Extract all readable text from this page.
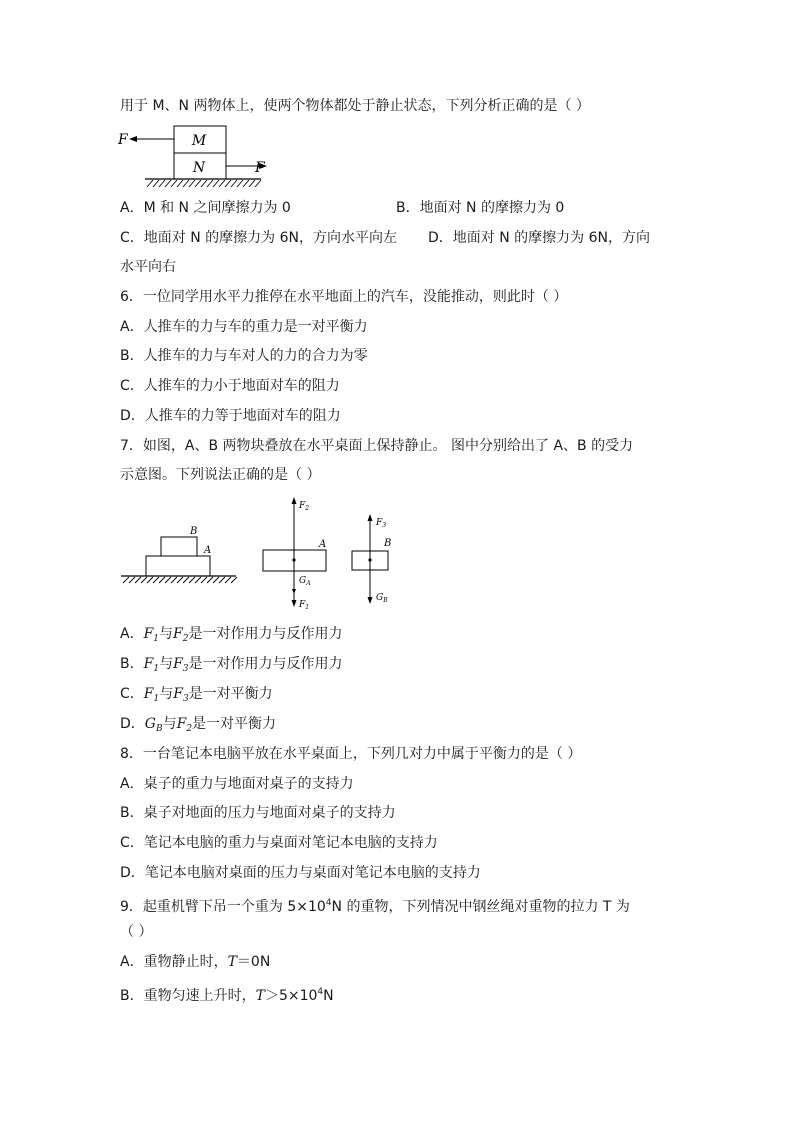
用于 M、N 两物体上，使两个物体都处于静止状态，下列分析正确的是（ ）
M
N
F
F
A．M 和 N 之间摩擦力为 0	B．地面对 N 的摩擦力为 0
C．地面对 N 的摩擦力为 6N，方向水平向左 D．地面对 N 的摩擦力为 6N，方向
水平向右
6．一位同学用水平力推停在水平地面上的汽车，没能推动，则此时（ ）
A．人推车的力与车的重力是一对平衡力
B．人推车的力与车对人的力的合力为零
C．人推车的力小于地面对车的阻力
D．人推车的力等于地面对车的阻力
7．如图，A、B 两物块叠放在水平桌面上保持静止。 图中分别给出了 A、B 的受力
示意图。下列说法正确的是（ ）
B
A
$F_2$
A
$G_A$
$F_1$
$F_3$
B
$G_B$
A．$F_1$与$F_2$是一对作用力与反作用力
B．$F_1$与$F_3$是一对作用力与反作用力
C．$F_1$与$F_3$是一对平衡力
D．$G_B$与$F_2$是一对平衡力
8．一台笔记本电脑平放在水平桌面上，下列几对力中属于平衡力的是（ ）
A．桌子的重力与地面对桌子的支持力
B．桌子对地面的压力与地面对桌子的支持力
C．笔记本电脑的重力与桌面对笔记本电脑的支持力
D．笔记本电脑对桌面的压力与桌面对笔记本电脑的支持力
9．起重机臂下吊一个重为 $5\times 10^4N$ 的重物，下列情况中钢丝绳对重物的拉力 T 为
（ ）
A．重物静止时，T＝0N
B．重物匀速上升时，$T>5\times 10^4N$
